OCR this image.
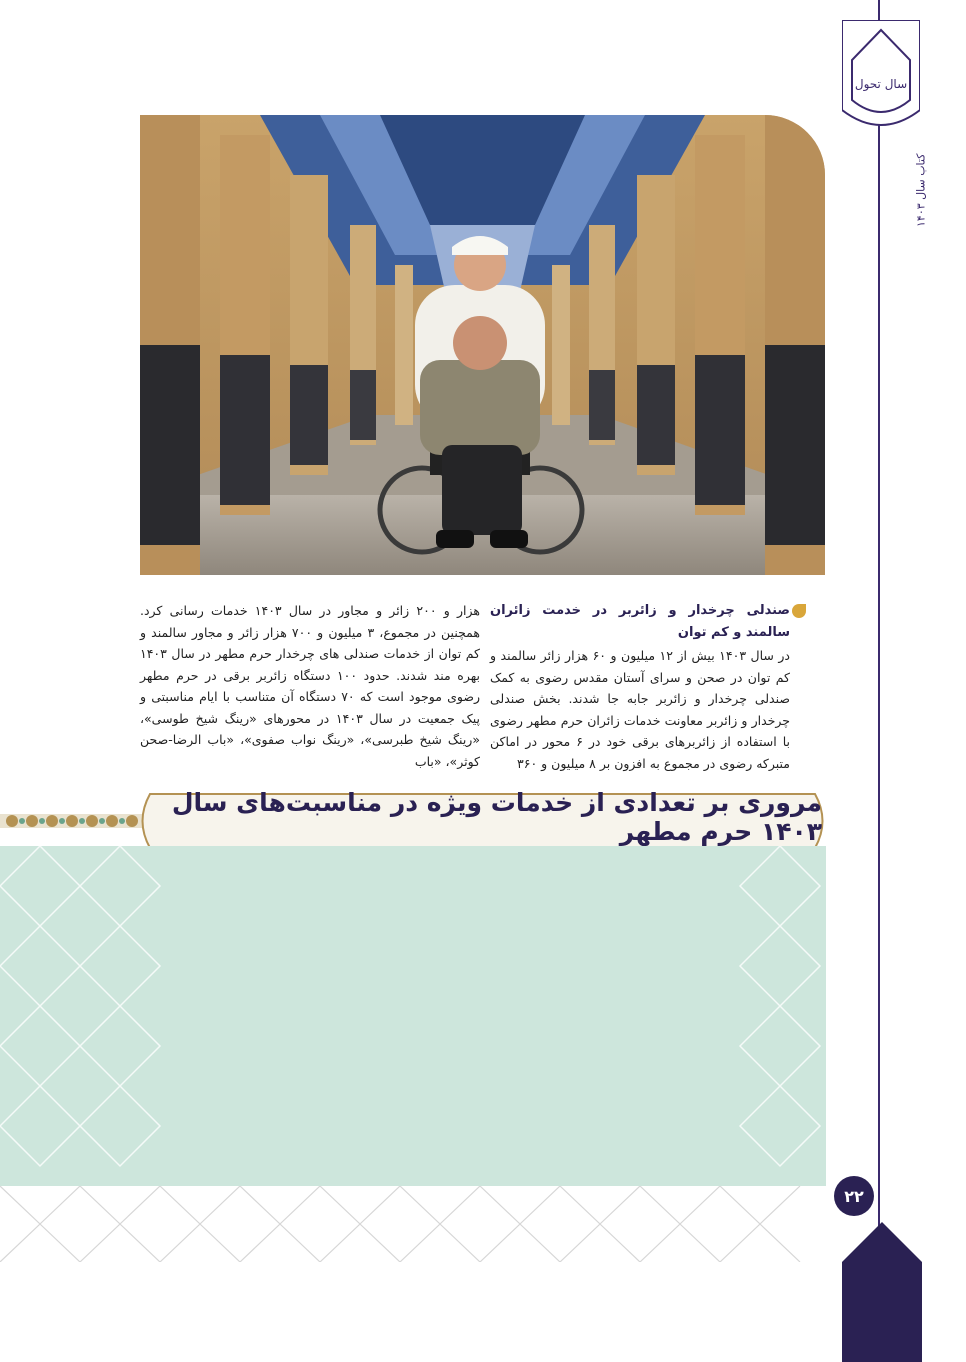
سال تحول
کتاب سال ۱۴۰۳
۲۲
صندلی چرخدار و زائربر در خدمت زائران سالمند و کم توان
در سال ۱۴۰۳ بیش از ۱۲ میلیون و ۶۰ هزار زائر سالمند و کم توان در صحن و سرای آستان مقدس رضوی به کمک صندلی چرخدار و زائربر جابه جا شدند. بخش صندلی چرخدار و زائربر معاونت خدمات زائران حرم مطهر رضوی با استفاده از زائربرهای برقی خود در ۶ محور در اماکن متبرکه رضوی در مجموع به افزون بر ۸ میلیون و ۳۶۰
هزار و ۲۰۰ زائر و مجاور در سال ۱۴۰۳ خدمات رسانی کرد. همچنین در مجموع، ۳ میلیون و ۷۰۰ هزار زائر و مجاور سالمند و کم توان از خدمات صندلی های چرخدار حرم مطهر در سال ۱۴۰۳ بهره مند شدند. حدود ۱۰۰ دستگاه زائربر برقی در حرم مطهر رضوی موجود است که ۷۰ دستگاه آن متناسب با ایام مناسبتی و پیک جمعیت در سال ۱۴۰۳ در محورهای «رینگ شیخ طوسی»، «رینگ شیخ طبرسی»، «رینگ نواب صفوی»، «باب الرضا-صحن کوثر»، «باب
مروری بر تعدادی از خدمات ویژه در مناسبت‌های سال ۱۴۰۳ حرم مطهر
